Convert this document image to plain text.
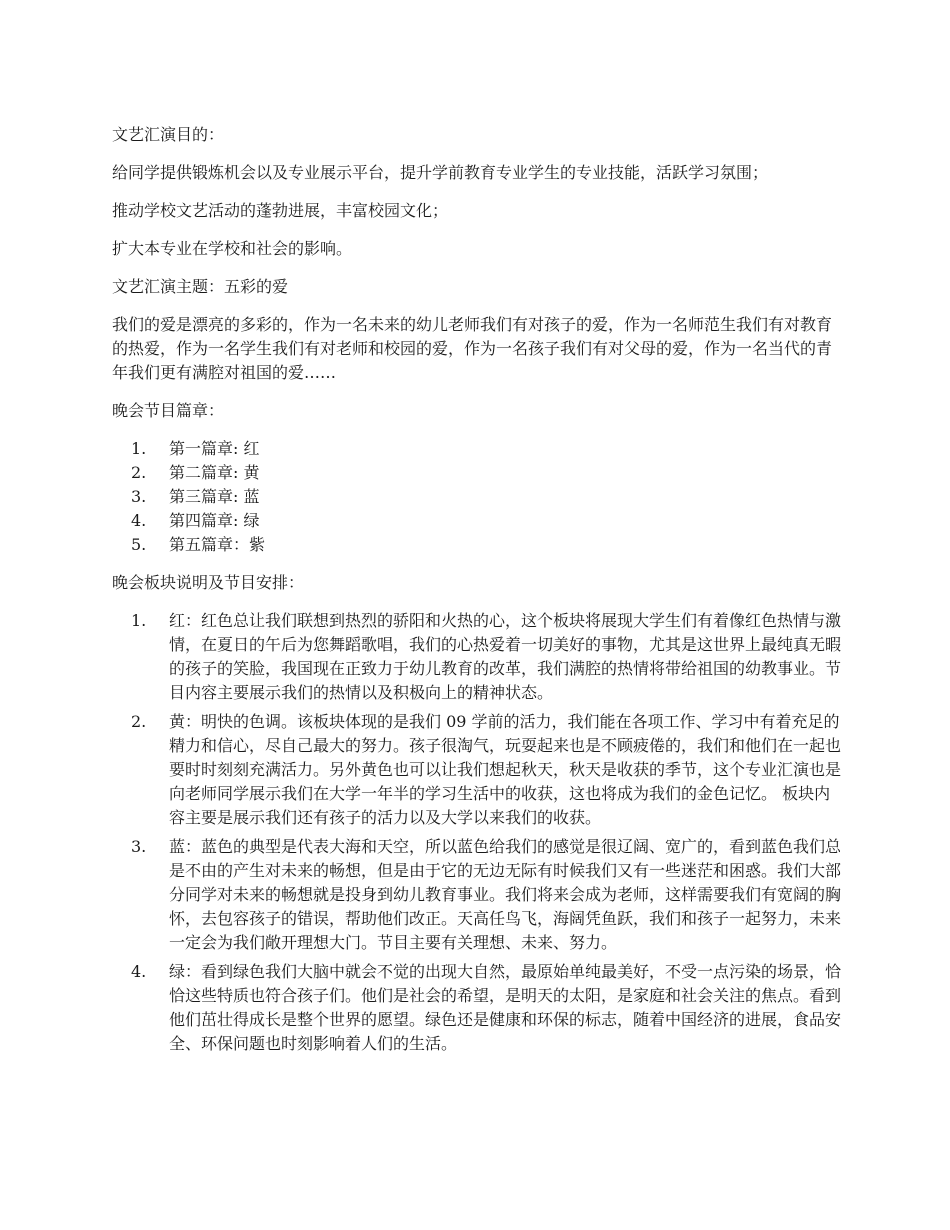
文艺汇演目的：

给同学提供锻炼机会以及专业展示平台，提升学前教育专业学生的专业技能，活跃学习氛围；

推动学校文艺活动的蓬勃进展，丰富校园文化；

扩大本专业在学校和社会的影响。

文艺汇演主题：五彩的爱

我们的爱是漂亮的多彩的，作为一名未来的幼儿老师我们有对孩子的爱，作为一名师范生我们有对教育的热爱，作为一名学生我们有对老师和校园的爱，作为一名孩子我们有对父母的爱，作为一名当代的青年我们更有满腔对祖国的爱……

晚会节目篇章：

1. 第一篇章: 红
2. 第二篇章: 黄
3. 第三篇章: 蓝
4. 第四篇章: 绿
5. 第五篇章：紫

晚会板块说明及节目安排：

1. 红：红色总让我们联想到热烈的骄阳和火热的心，这个板块将展现大学生们有着像红色热情与激情，在夏日的午后为您舞蹈歌唱，我们的心热爱着一切美好的事物，尤其是这世界上最纯真无暇的孩子的笑脸，我国现在正致力于幼儿教育的改革，我们满腔的热情将带给祖国的幼教事业。节目内容主要展示我们的热情以及积极向上的精神状态。
2. 黄：明快的色调。该板块体现的是我们 09 学前的活力，我们能在各项工作、学习中有着充足的精力和信心，尽自己最大的努力。孩子很淘气，玩耍起来也是不顾疲倦的，我们和他们在一起也要时时刻刻充满活力。另外黄色也可以让我们想起秋天，秋天是收获的季节，这个专业汇演也是向老师同学展示我们在大学一年半的学习生活中的收获，这也将成为我们的金色记忆。 板块内容主要是展示我们还有孩子的活力以及大学以来我们的收获。
3. 蓝：蓝色的典型是代表大海和天空，所以蓝色给我们的感觉是很辽阔、宽广的，看到蓝色我们总是不由的产生对未来的畅想，但是由于它的无边无际有时候我们又有一些迷茫和困惑。我们大部分同学对未来的畅想就是投身到幼儿教育事业。我们将来会成为老师，这样需要我们有宽阔的胸怀，去包容孩子的错误，帮助他们改正。天高任鸟飞，海阔凭鱼跃，我们和孩子一起努力，未来一定会为我们敞开理想大门。节目主要有关理想、未来、努力。
4. 绿：看到绿色我们大脑中就会不觉的出现大自然，最原始单纯最美好，不受一点污染的场景，恰恰这些特质也符合孩子们。他们是社会的希望，是明天的太阳，是家庭和社会关注的焦点。看到他们茁壮得成长是整个世界的愿望。绿色还是健康和环保的标志，随着中国经济的进展，食品安全、环保问题也时刻影响着人们的生活。
